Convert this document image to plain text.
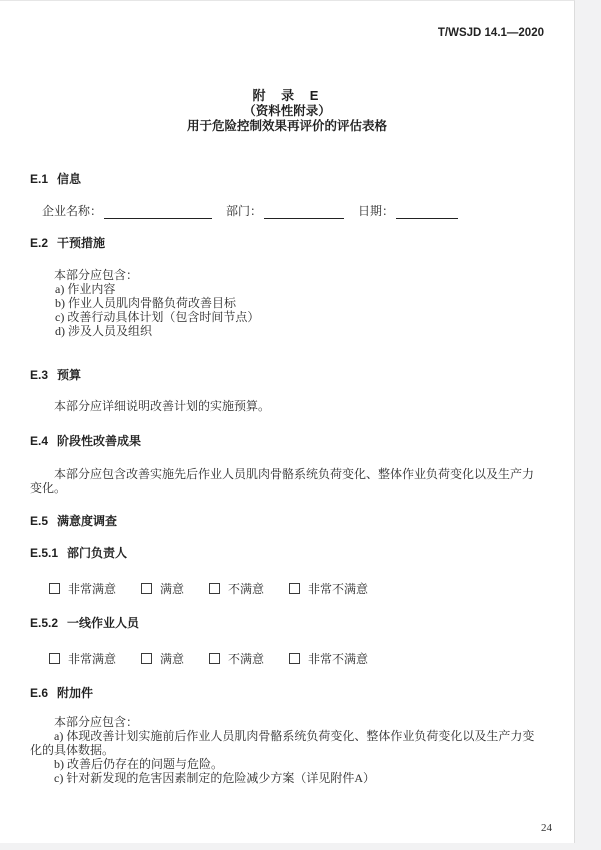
T/WSJD 14.1—2020
附 录 E
（资料性附录）
用于危险控制效果再评价的评估表格

E.1 信息

企业名称：	部门：	日期：

E.2 干预措施

本部分应包含：

a) 作业内容

b) 作业人员肌肉骨骼负荷改善目标

c) 改善行动具体计划（包含时间节点）

d) 涉及人员及组织

E.3 预算

本部分应详细说明改善计划的实施预算。

E.4 阶段性改善成果

本部分应包含改善实施先后作业人员肌肉骨骼系统负荷变化、整体作业负荷变化以及生产力变化。

E.5 满意度调查

E.5.1 部门负责人

非常满意	满意	不满意	非常不满意

E.5.2 一线作业人员

非常满意	满意	不满意	非常不满意

E.6 附加件

本部分应包含：

a) 体现改善计划实施前后作业人员肌肉骨骼系统负荷变化、整体作业负荷变化以及生产力变化的具体数据。

b) 改善后仍存在的问题与危险。

c) 针对新发现的危害因素制定的危险减少方案（详见附件A）

24
